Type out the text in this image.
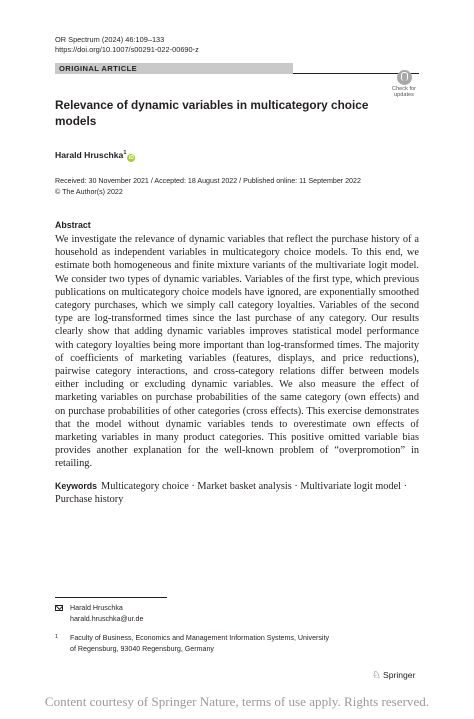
OR Spectrum (2024) 46:109–133
https://doi.org/10.1007/s00291-022-00690-z
ORIGINAL ARTICLE
Check for
updates
Relevance of dynamic variables in multicategory choice models
Harald Hruschka$^1$iD
Received: 30 November 2021 / Accepted: 18 August 2022 / Published online: 11 September 2022
© The Author(s) 2022
Abstract

We investigate the relevance of dynamic variables that reflect the purchase history of a household as independent variables in multicategory choice models. To this end, we estimate both homogeneous and finite mixture variants of the multivariate logit model. We consider two types of dynamic variables. Variables of the first type, which previous publications on multicategory choice models have ignored, are exponentially smoothed category purchases, which we simply call category loyalties. Variables of the second type are log-transformed times since the last purchase of any category. Our results clearly show that adding dynamic variables improves statistical model performance with category loyalties being more important than log-transformed times. The majority of coefficients of marketing variables (features, displays, and price reductions), pairwise category interactions, and cross-category relations differ between models either including or excluding dynamic variables. We also measure the effect of marketing variables on purchase probabilities of the same category (own effects) and on purchase probabilities of other categories (cross effects). This exercise demonstrates that the model without dynamic variables tends to overestimate own effects of marketing variables in many product categories. This positive omitted variable bias provides another explanation for the well-known problem of “overpromotion” in retailing.

Keywords Multicategory choice · Market basket analysis · Multivariate logit model · Purchase history
Harald Hruschka
harald.hruschka@ur.de
1 Faculty of Business, Economics and Management Information Systems, University
of Regensburg, 93040 Regensburg, Germany
♘ Springer
Content courtesy of Springer Nature, terms of use apply. Rights reserved.
